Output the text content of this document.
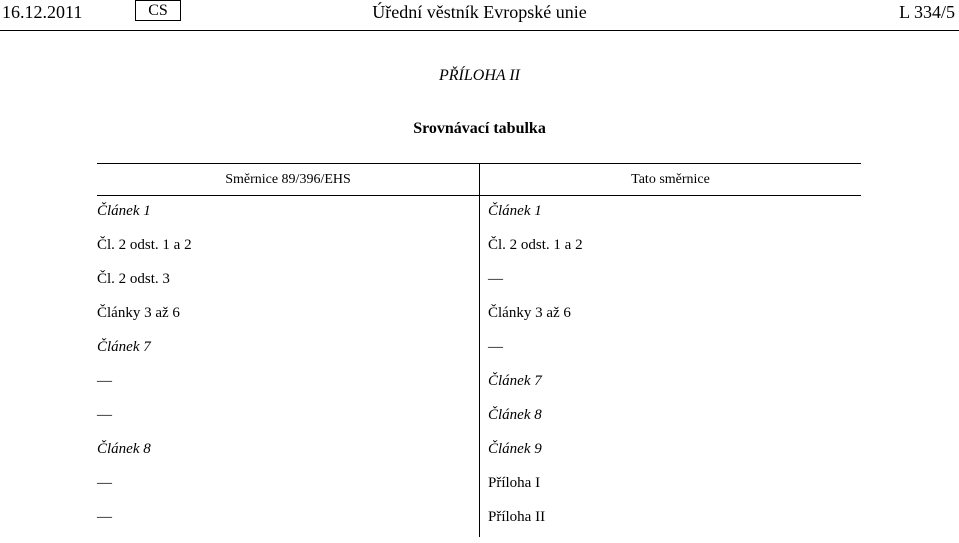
16.12.2011	CS	Úřední věstník Evropské unie	L 334/5
PŘÍLOHA II
Srovnávací tabulka
Směrnice 89/396/EHS	Tato směrnice
Článek 1	Článek 1
Čl. 2 odst. 1 a 2	Čl. 2 odst. 1 a 2
Čl. 2 odst. 3	—
Články 3 až 6	Články 3 až 6
Článek 7	—
—	Článek 7
—	Článek 8
Článek 8	Článek 9
—	Příloha I
—	Příloha II
